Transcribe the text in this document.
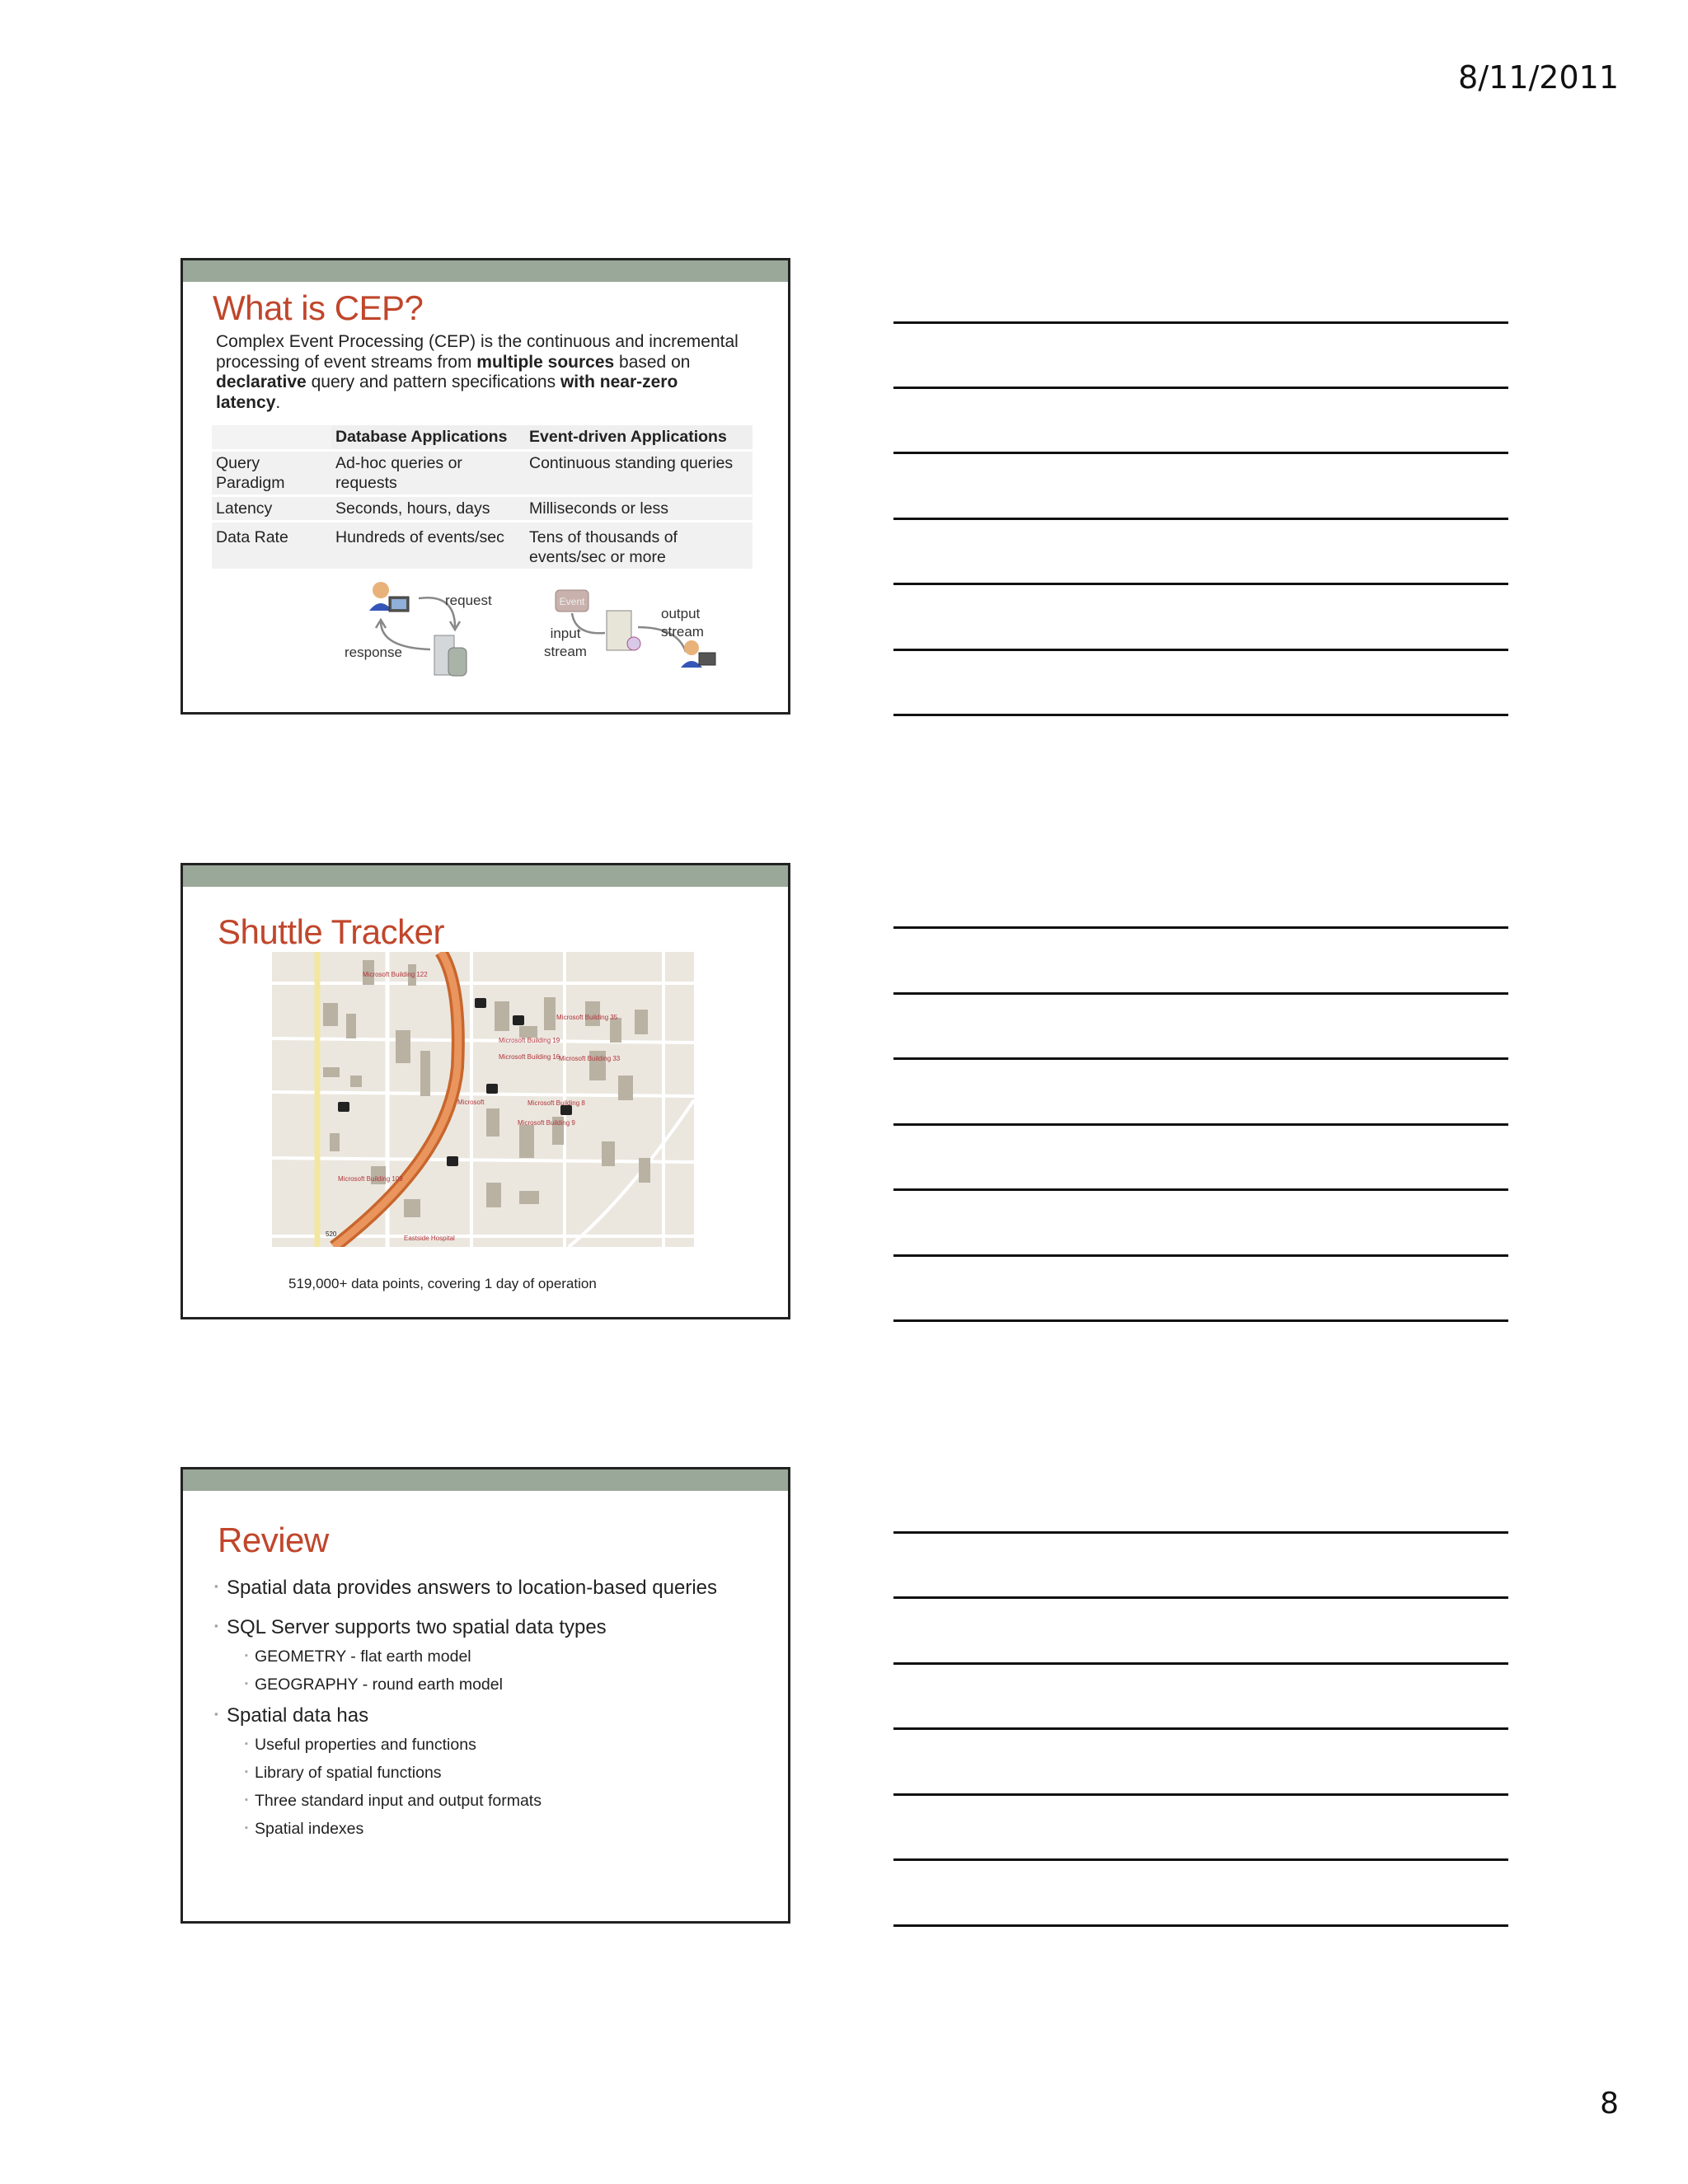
8/11/2011
8
What is CEP?
Complex Event Processing (CEP) is the continuous and incremental processing of event streams from multiple sources based on declarative query and pattern specifications with near-zero latency.
	Database Applications	Event-driven Applications
Query Paradigm	Ad-hoc queries or requests	Continuous standing queries
Latency	Seconds, hours, days	Milliseconds or less
Data Rate	Hundreds of events/sec	Tens of thousands of events/sec or more
Event
request
response
input
stream
output
stream
Shuttle Tracker
Microsoft Building 122
Microsoft Building 35
Microsoft Building 19
Microsoft Building 16
Microsoft Building 33
Microsoft	Microsoft Building 8
Microsoft Building 9
Microsoft Building 109
Eastside Hospital
520
519,000+ data points, covering 1 day of operation
Review
▪ Spatial data provides answers to location-based queries
▪ SQL Server supports two spatial data types
▪ GEOMETRY - flat earth model
▪ GEOGRAPHY - round earth model
▪ Spatial data has
▪ Useful properties and functions
▪ Library of spatial functions
▪ Three standard input and output formats
▪ Spatial indexes
